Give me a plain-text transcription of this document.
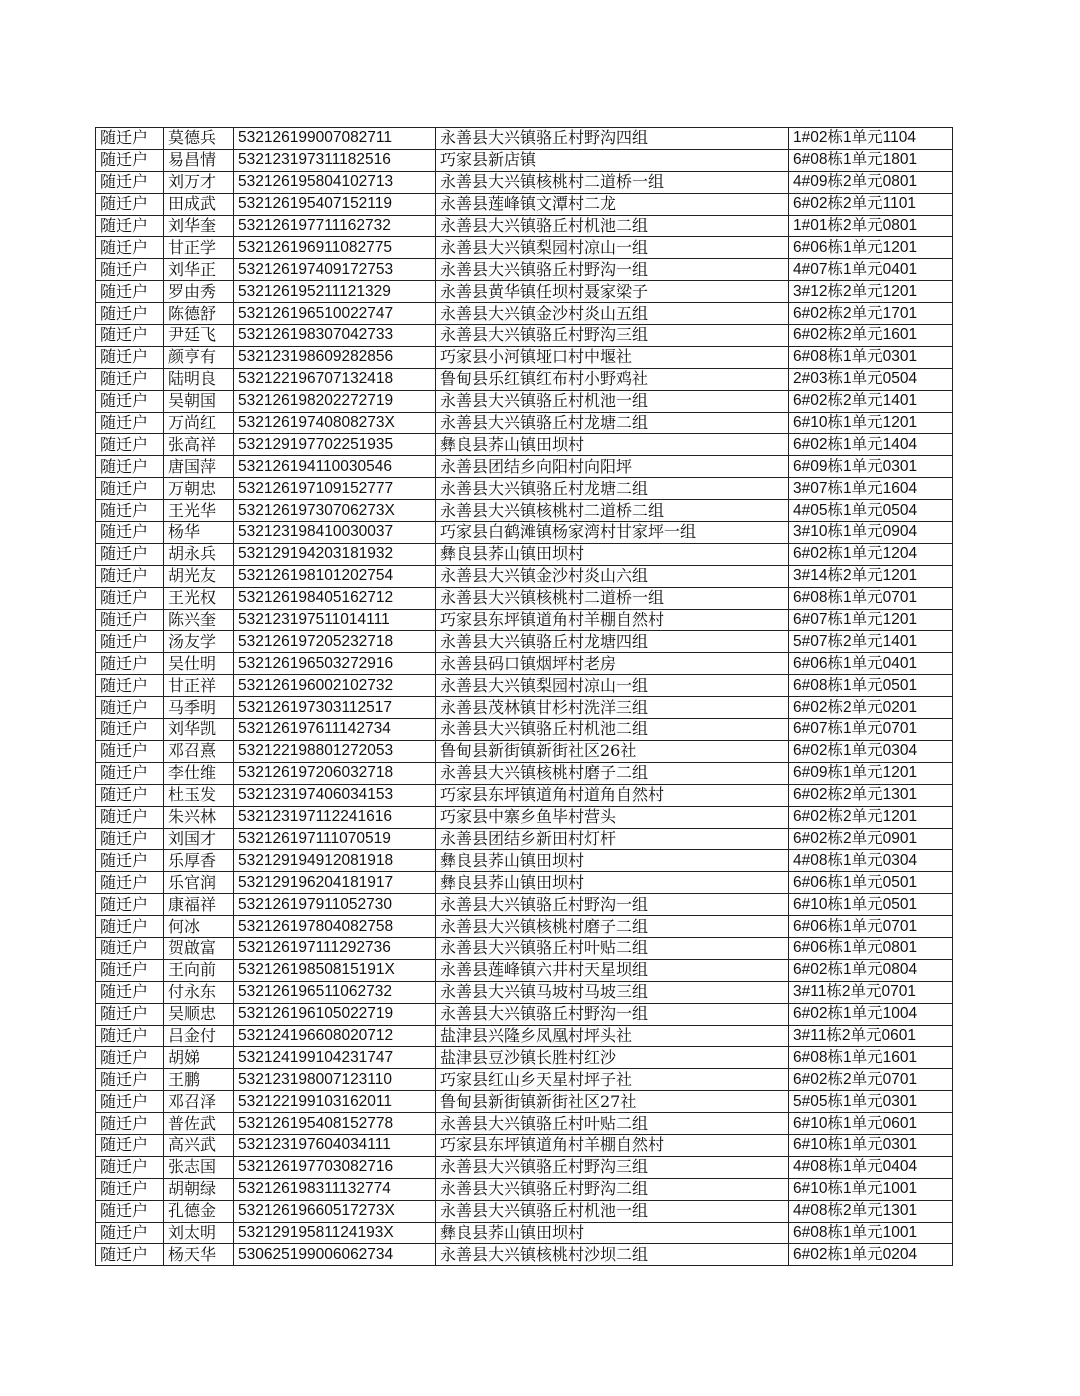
随迁户	莫德兵	532126199007082711	永善县大兴镇骆丘村野沟四组	1#02栋1单元1104
随迁户	易昌情	532123197311182516	巧家县新店镇	6#08栋1单元1801
随迁户	刘万才	532126195804102713	永善县大兴镇核桃村二道桥一组	4#09栋2单元0801
随迁户	田成武	532126195407152119	永善县莲峰镇文潭村二龙	6#02栋2单元1101
随迁户	刘华奎	532126197711162732	永善县大兴镇骆丘村机池二组	1#01栋2单元0801
随迁户	甘正学	532126196911082775	永善县大兴镇梨园村凉山一组	6#06栋1单元1201
随迁户	刘华正	532126197409172753	永善县大兴镇骆丘村野沟一组	4#07栋1单元0401
随迁户	罗由秀	532126195211121329	永善县黄华镇任坝村聂家梁子	3#12栋2单元1201
随迁户	陈德舒	532126196510022747	永善县大兴镇金沙村炎山五组	6#02栋2单元1701
随迁户	尹廷飞	532126198307042733	永善县大兴镇骆丘村野沟三组	6#02栋2单元1601
随迁户	颜亨有	532123198609282856	巧家县小河镇垭口村中堰社	6#08栋1单元0301
随迁户	陆明良	532122196707132418	鲁甸县乐红镇红布村小野鸡社	2#03栋1单元0504
随迁户	吴朝国	532126198202272719	永善县大兴镇骆丘村机池一组	6#02栋2单元1401
随迁户	万尚红	53212619740808273X	永善县大兴镇骆丘村龙塘二组	6#10栋1单元1201
随迁户	张高祥	532129197702251935	彝良县荞山镇田坝村	6#02栋1单元1404
随迁户	唐国萍	532126194110030546	永善县团结乡向阳村向阳坪	6#09栋1单元0301
随迁户	万朝忠	532126197109152777	永善县大兴镇骆丘村龙塘二组	3#07栋1单元1604
随迁户	王光华	53212619730706273X	永善县大兴镇核桃村二道桥二组	4#05栋1单元0504
随迁户	杨华	532123198410030037	巧家县白鹤滩镇杨家湾村甘家坪一组	3#10栋1单元0904
随迁户	胡永兵	532129194203181932	彝良县荞山镇田坝村	6#02栋1单元1204
随迁户	胡光友	532126198101202754	永善县大兴镇金沙村炎山六组	3#14栋2单元1201
随迁户	王光权	532126198405162712	永善县大兴镇核桃村二道桥一组	6#08栋1单元0701
随迁户	陈兴奎	532123197511014111	巧家县东坪镇道角村羊棚自然村	6#07栋1单元1201
随迁户	汤友学	532126197205232718	永善县大兴镇骆丘村龙塘四组	5#07栋2单元1401
随迁户	吴仕明	532126196503272916	永善县码口镇烟坪村老房	6#06栋1单元0401
随迁户	甘正祥	532126196002102732	永善县大兴镇梨园村凉山一组	6#08栋1单元0501
随迁户	马季明	532126197303112517	永善县茂林镇甘杉村洗洋三组	6#02栋2单元0201
随迁户	刘华凯	532126197611142734	永善县大兴镇骆丘村机池二组	6#07栋1单元0701
随迁户	邓召熹	532122198801272053	鲁甸县新街镇新街社区26社	6#02栋1单元0304
随迁户	李仕维	532126197206032718	永善县大兴镇核桃村磨子二组	6#09栋1单元1201
随迁户	杜玉发	532123197406034153	巧家县东坪镇道角村道角自然村	6#02栋2单元1301
随迁户	朱兴林	532123197112241616	巧家县中寨乡鱼毕村营头	6#02栋2单元1201
随迁户	刘国才	532126197111070519	永善县团结乡新田村灯杆	6#02栋2单元0901
随迁户	乐厚香	532129194912081918	彝良县荞山镇田坝村	4#08栋1单元0304
随迁户	乐官润	532129196204181917	彝良县荞山镇田坝村	6#06栋1单元0501
随迁户	康福祥	532126197911052730	永善县大兴镇骆丘村野沟一组	6#10栋1单元0501
随迁户	何冰	532126197804082758	永善县大兴镇核桃村磨子二组	6#06栋1单元0701
随迁户	贺啟富	532126197111292736	永善县大兴镇骆丘村叶贴二组	6#06栋1单元0801
随迁户	王向前	53212619850815191X	永善县莲峰镇六井村天星坝组	6#02栋1单元0804
随迁户	付永东	532126196511062732	永善县大兴镇马坡村马坡三组	3#11栋2单元0701
随迁户	吴顺忠	532126196105022719	永善县大兴镇骆丘村野沟一组	6#02栋1单元1004
随迁户	吕金付	532124196608020712	盐津县兴隆乡凤凰村坪头社	3#11栋2单元0601
随迁户	胡娣	532124199104231747	盐津县豆沙镇长胜村红沙	6#08栋1单元1601
随迁户	王鹏	532123198007123110	巧家县红山乡天星村坪子社	6#02栋2单元0701
随迁户	邓召泽	532122199103162011	鲁甸县新街镇新街社区27社	5#05栋1单元0301
随迁户	普佐武	532126195408152778	永善县大兴镇骆丘村叶贴二组	6#10栋1单元0601
随迁户	高兴武	532123197604034111	巧家县东坪镇道角村羊棚自然村	6#10栋1单元0301
随迁户	张志国	532126197703082716	永善县大兴镇骆丘村野沟三组	4#08栋1单元0404
随迁户	胡朝绿	532126198311132774	永善县大兴镇骆丘村野沟二组	6#10栋1单元1001
随迁户	孔德金	53212619660517273X	永善县大兴镇骆丘村机池一组	4#08栋2单元1301
随迁户	刘太明	53212919581124193X	彝良县荞山镇田坝村	6#08栋1单元1001
随迁户	杨天华	530625199006062734	永善县大兴镇核桃村沙坝二组	6#02栋1单元0204
